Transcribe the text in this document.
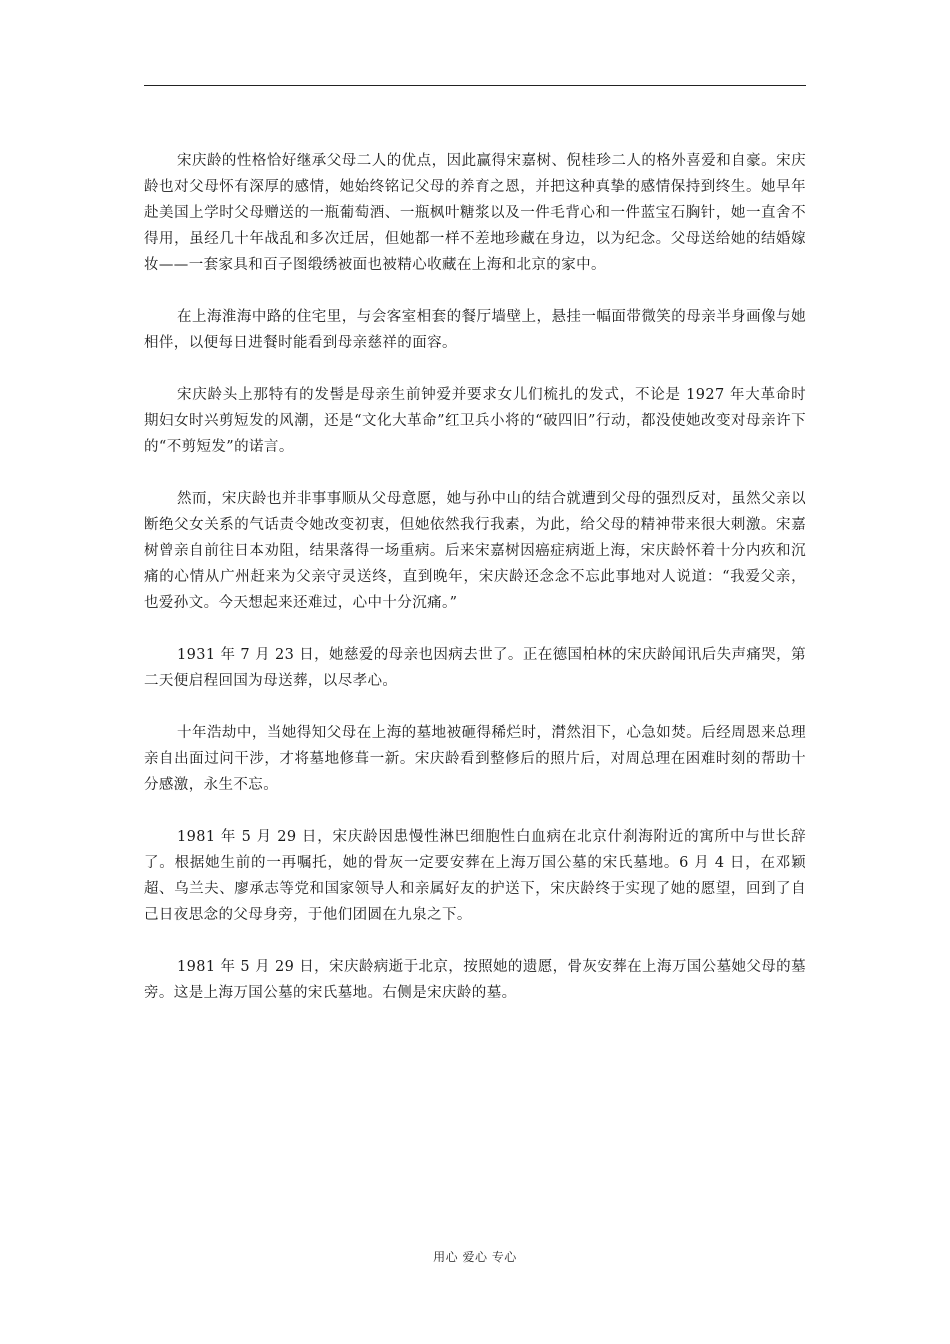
宋庆龄的性格恰好继承父母二人的优点，因此赢得宋嘉树、倪桂珍二人的格外喜爱和自豪。宋庆龄也对父母怀有深厚的感情，她始终铭记父母的养育之恩，并把这种真挚的感情保持到终生。她早年赴美国上学时父母赠送的一瓶葡萄酒、一瓶枫叶糖浆以及一件毛背心和一件蓝宝石胸针，她一直舍不得用，虽经几十年战乱和多次迁居，但她都一样不差地珍藏在身边，以为纪念。父母送给她的结婚嫁妆——一套家具和百子图缎绣被面也被精心收藏在上海和北京的家中。

在上海淮海中路的住宅里，与会客室相套的餐厅墙壁上，悬挂一幅面带微笑的母亲半身画像与她相伴，以便每日进餐时能看到母亲慈祥的面容。

宋庆龄头上那特有的发髻是母亲生前钟爱并要求女儿们梳扎的发式，不论是 1927 年大革命时期妇女时兴剪短发的风潮，还是“文化大革命”红卫兵小将的“破四旧”行动，都没使她改变对母亲许下的“不剪短发”的诺言。

然而，宋庆龄也并非事事顺从父母意愿，她与孙中山的结合就遭到父母的强烈反对，虽然父亲以断绝父女关系的气话责令她改变初衷，但她依然我行我素，为此，给父母的精神带来很大刺激。宋嘉树曾亲自前往日本劝阻，结果落得一场重病。后来宋嘉树因癌症病逝上海，宋庆龄怀着十分内疚和沉痛的心情从广州赶来为父亲守灵送终，直到晚年，宋庆龄还念念不忘此事地对人说道：“我爱父亲，也爱孙文。今天想起来还难过，心中十分沉痛。”

1931 年 7 月 23 日，她慈爱的母亲也因病去世了。正在德国柏林的宋庆龄闻讯后失声痛哭，第二天便启程回国为母送葬，以尽孝心。

十年浩劫中，当她得知父母在上海的墓地被砸得稀烂时，潸然泪下，心急如焚。后经周恩来总理亲自出面过问干涉，才将墓地修葺一新。宋庆龄看到整修后的照片后，对周总理在困难时刻的帮助十分感激，永生不忘。

1981 年 5 月 29 日，宋庆龄因患慢性淋巴细胞性白血病在北京什刹海附近的寓所中与世长辞了。根据她生前的一再嘱托，她的骨灰一定要安葬在上海万国公墓的宋氏墓地。6 月 4 日，在邓颖超、乌兰夫、廖承志等党和国家领导人和亲属好友的护送下，宋庆龄终于实现了她的愿望，回到了自己日夜思念的父母身旁，于他们团圆在九泉之下。

1981 年 5 月 29 日，宋庆龄病逝于北京，按照她的遗愿，骨灰安葬在上海万国公墓她父母的墓旁。这是上海万国公墓的宋氏墓地。右侧是宋庆龄的墓。

用心 爱心 专心
